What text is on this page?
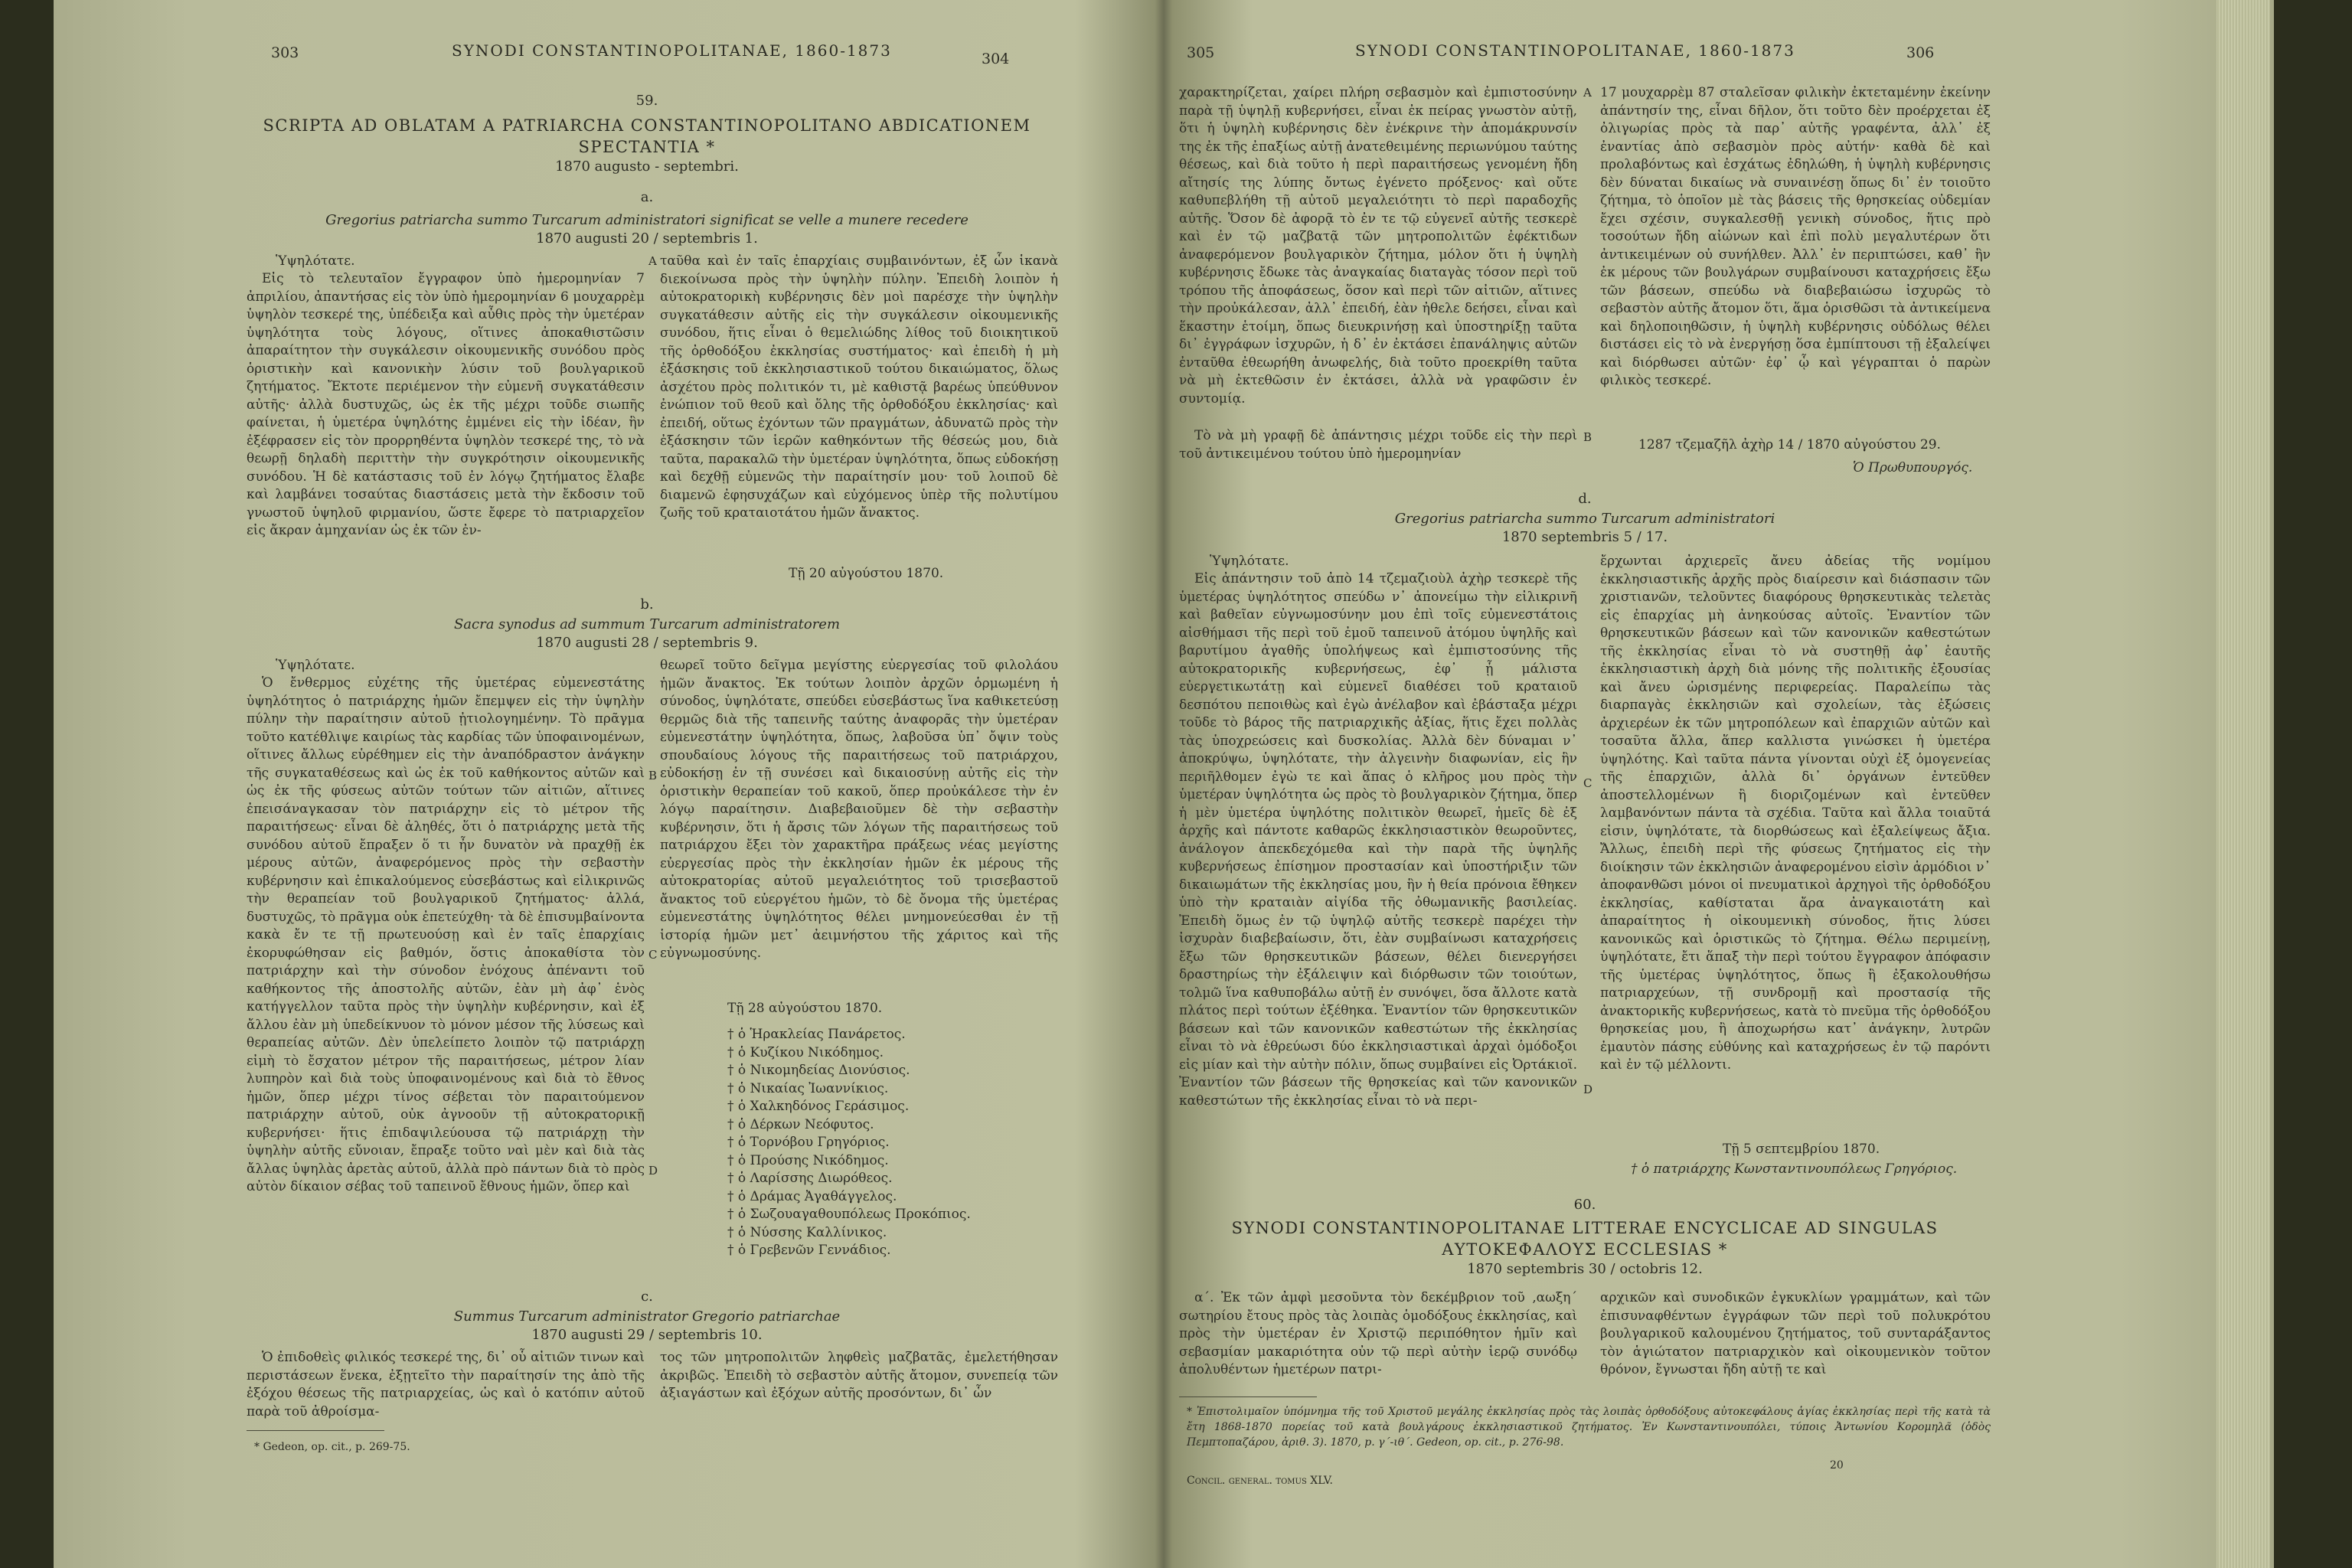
303	SYNODI CONSTANTINOPOLITANAE, 1860-1873	304
59.
SCRIPTA AD OBLATAM A PATRIARCHA CONSTANTINOPOLITANO ABDICATIONEM
SPECTANTIA *
1870 augusto - septembri.
a.
Gregorius patriarcha summo Turcarum administratori significat se velle a munere recedere
1870 augusti 20 / septembris 1.
Ὑψηλότατε.
Εἰς τὸ τελευταῖον ἔγγραφον ὑπὸ ἡμερομηνίαν 7 ἀπριλίου, ἀπαντήσας εἰς τὸν ὑπὸ ἡμερομηνίαν 6 μουχαρρὲμ ὑψηλὸν τεσκερέ της, ὑπέδειξα καὶ αὖθις πρὸς τὴν ὑμετέραν ὑψηλότητα τοὺς λόγους, οἵτινες ἀποκαθιστῶσιν ἀπαραίτητον τὴν συγκάλεσιν οἰκουμενικῆς συνόδου πρὸς ὁριστικὴν καὶ κανονικὴν λύσιν τοῦ βουλγαρικοῦ ζητήματος. Ἔκτοτε περιέμενον τὴν εὐμενῆ συγκατάθεσιν αὐτῆς· ἀλλὰ δυστυχῶς, ὡς ἐκ τῆς μέχρι τοῦδε σιωπῆς φαίνεται, ἡ ὑμετέρα ὑψηλότης ἐμμένει εἰς τὴν ἰδέαν, ἣν ἐξέφρασεν εἰς τὸν προρρηθέντα ὑψηλὸν τεσκερέ της, τὸ νὰ θεωρῇ δηλαδὴ περιττὴν τὴν συγκρότησιν οἰκουμενικῆς συνόδου. Ἡ δὲ κατάστασις τοῦ ἐν λόγῳ ζητήματος ἔλαβε καὶ λαμβάνει τοσαύτας διαστάσεις μετὰ τὴν ἔκδοσιν τοῦ γνωστοῦ ὑψηλοῦ φιρμανίου, ὥστε ἔφερε τὸ πατριαρχεῖον εἰς ἄκραν ἀμηχανίαν ὡς ἐκ τῶν ἐν-
ταῦθα καὶ ἐν ταῖς ἐπαρχίαις συμβαινόντων, ἐξ ὧν ἱκανὰ διεκοίνωσα πρὸς τὴν ὑψηλὴν πύλην. Ἐπειδὴ λοιπὸν ἡ αὐτοκρατορικὴ κυβέρνησις δὲν μοὶ παρέσχε τὴν ὑψηλὴν συγκατάθεσιν αὐτῆς εἰς τὴν συγκάλεσιν οἰκουμενικῆς συνόδου, ἥτις εἶναι ὁ θεμελιώδης λίθος τοῦ διοικητικοῦ τῆς ὀρθοδόξου ἐκκλησίας συστήματος· καὶ ἐπειδὴ ἡ μὴ ἐξάσκησις τοῦ ἐκκλησιαστικοῦ τούτου δικαιώματος, ὅλως ἀσχέτου πρὸς πολιτικόν τι, μὲ καθιστᾷ βαρέως ὑπεύθυνον ἐνώπιον τοῦ θεοῦ καὶ ὅλης τῆς ὀρθοδόξου ἐκκλησίας· καὶ ἐπειδή, οὕτως ἐχόντων τῶν πραγμάτων, ἀδυνατῶ πρὸς τὴν ἐξάσκησιν τῶν ἱερῶν καθηκόντων τῆς θέσεώς μου, διὰ ταῦτα, παρακαλῶ τὴν ὑμετέραν ὑψηλότητα, ὅπως εὐδοκήσῃ καὶ δεχθῇ εὐμενῶς τὴν παραίτησίν μου· τοῦ λοιποῦ δὲ διαμενῶ ἐφησυχάζων καὶ εὐχόμενος ὑπὲρ τῆς πολυτίμου ζωῆς τοῦ κραταιοτάτου ἡμῶν ἄνακτος.
Τῇ 20 αὐγούστου 1870.
b.
Sacra synodus ad summum Turcarum administratorem
1870 augusti 28 / septembris 9.
Ὑψηλότατε.
Ὁ ἔνθερμος εὐχέτης τῆς ὑμετέρας εὐμενεστάτης ὑψηλότητος ὁ πατριάρχης ἡμῶν ἔπεμψεν εἰς τὴν ὑψηλὴν πύλην τὴν παραίτησιν αὐτοῦ ᾐτιολογημένην. Τὸ πρᾶγμα τοῦτο κατέθλιψε καιρίως τὰς καρδίας τῶν ὑποφαινομένων, οἵτινες ἄλλως εὑρέθημεν εἰς τὴν ἀναπόδραστον ἀνάγκην τῆς συγκαταθέσεως καὶ ὡς ἐκ τοῦ καθήκοντος αὐτῶν καὶ ὡς ἐκ τῆς φύσεως αὐτῶν τούτων τῶν αἰτιῶν, αἵτινες ἐπεισάναγκασαν τὸν πατριάρχην εἰς τὸ μέτρον τῆς παραιτήσεως· εἶναι δὲ ἀληθές, ὅτι ὁ πατριάρχης μετὰ τῆς συνόδου αὐτοῦ ἔπραξεν ὅ τι ἦν δυνατὸν νὰ πραχθῇ ἐκ μέρους αὐτῶν, ἀναφερόμενος πρὸς τὴν σεβαστὴν κυβέρνησιν καὶ ἐπικαλούμενος εὐσεβάστως καὶ εἰλικρινῶς τὴν θεραπείαν τοῦ βουλγαρικοῦ ζητήματος· ἀλλά, δυστυχῶς, τὸ πρᾶγμα οὐκ ἐπετεύχθη· τὰ δὲ ἐπισυμβαίνοντα κακὰ ἔν τε τῇ πρωτευούσῃ καὶ ἐν ταῖς ἐπαρχίαις ἐκορυφώθησαν εἰς βαθμόν, ὅστις ἀποκαθίστα τὸν πατριάρχην καὶ τὴν σύνοδον ἐνόχους ἀπέναντι τοῦ καθήκοντος τῆς ἀποστολῆς αὐτῶν, ἐὰν μὴ ἀφ᾽ ἑνὸς κατήγγελλον ταῦτα πρὸς τὴν ὑψηλὴν κυβέρνησιν, καὶ ἐξ ἄλλου ἐὰν μὴ ὑπεδείκνυον τὸ μόνον μέσον τῆς λύσεως καὶ θεραπείας αὐτῶν. Δὲν ὑπελείπετο λοιπὸν τῷ πατριάρχῃ εἰμὴ τὸ ἔσχατον μέτρον τῆς παραιτήσεως, μέτρον λίαν λυπηρὸν καὶ διὰ τοὺς ὑποφαινομένους καὶ διὰ τὸ ἔθνος ἡμῶν, ὅπερ μέχρι τίνος σέβεται τὸν παραιτούμενον πατριάρχην αὐτοῦ, οὐκ ἀγνοοῦν τῇ αὐτοκρατορικῇ κυβερνήσει· ἥτις ἐπιδαψιλεύουσα τῷ πατριάρχῃ τὴν ὑψηλὴν αὐτῆς εὔνοιαν, ἔπραξε τοῦτο ναὶ μὲν καὶ διὰ τὰς ἄλλας ὑψηλὰς ἀρετὰς αὐτοῦ, ἀλλὰ πρὸ πάντων διὰ τὸ πρὸς αὐτὸν δίκαιον σέβας τοῦ ταπεινοῦ ἔθνους ἡμῶν, ὅπερ καὶ
θεωρεῖ τοῦτο δεῖγμα μεγίστης εὐεργεσίας τοῦ φιλολάου ἡμῶν ἄνακτος. Ἐκ τούτων λοιπὸν ἀρχῶν ὁρμωμένη ἡ σύνοδος, ὑψηλότατε, σπεύδει εὐσεβάστως ἵνα καθικετεύσῃ θερμῶς διὰ τῆς ταπεινῆς ταύτης ἀναφορᾶς τὴν ὑμετέραν εὐμενεστάτην ὑψηλότητα, ὅπως, λαβοῦσα ὑπ᾽ ὄψιν τοὺς σπουδαίους λόγους τῆς παραιτήσεως τοῦ πατριάρχου, εὐδοκήσῃ ἐν τῇ συνέσει καὶ δικαιοσύνῃ αὐτῆς εἰς τὴν ὁριστικὴν θεραπείαν τοῦ κακοῦ, ὅπερ προὐκάλεσε τὴν ἐν λόγῳ παραίτησιν. Διαβεβαιοῦμεν δὲ τὴν σεβαστὴν κυβέρνησιν, ὅτι ἡ ἄρσις τῶν λόγων τῆς παραιτήσεως τοῦ πατριάρχου ἔξει τὸν χαρακτῆρα πράξεως νέας μεγίστης εὐεργεσίας πρὸς τὴν ἐκκλησίαν ἡμῶν ἐκ μέρους τῆς αὐτοκρατορίας αὐτοῦ μεγαλειότητος τοῦ τρισεβαστοῦ ἄνακτος τοῦ εὐεργέτου ἡμῶν, τὸ δὲ ὄνομα τῆς ὑμετέρας εὐμενεστάτης ὑψηλότητος θέλει μνημονεύεσθαι ἐν τῇ ἱστορίᾳ ἡμῶν μετ᾽ ἀειμνήστου τῆς χάριτος καὶ τῆς εὐγνωμοσύνης.
Τῇ 28 αὐγούστου 1870.
† ὁ Ἡρακλείας Πανάρετος.
† ὁ Κυζίκου Νικόδημος.
† ὁ Νικομηδείας Διονύσιος.
† ὁ Νικαίας Ἰωαννίκιος.
† ὁ Χαλκηδόνος Γεράσιμος.
† ὁ Δέρκων Νεόφυτος.
† ὁ Τορνόβου Γρηγόριος.
† ὁ Προύσης Νικόδημος.
† ὁ Λαρίσσης Διωρόθεος.
† ὁ Δράμας Ἀγαθάγγελος.
† ὁ Σωζουαγαθουπόλεως Προκόπιος.
† ὁ Νύσσης Καλλίνικος.
† ὁ Γρεβενῶν Γεννάδιος.
c.
Summus Turcarum administrator Gregorio patriarchae
1870 augusti 29 / septembris 10.
Ὁ ἐπιδοθεὶς φιλικός τεσκερέ της, δι᾽ οὗ αἰτιῶν τινων καὶ περιστάσεων ἕνεκα, ἐξῃτεῖτο τὴν παραίτησίν της ἀπὸ τῆς ἐξόχου θέσεως τῆς πατριαρχείας, ὡς καὶ ὁ κατόπιν αὐτοῦ παρὰ τοῦ ἀθροίσμα-
τος τῶν μητροπολιτῶν ληφθεὶς μαζβατᾶς, ἐμελετήθησαν ἀκριβῶς. Ἐπειδὴ τὸ σεβαστὸν αὐτῆς ἄτομον, συνεπείᾳ τῶν ἀξιαγάστων καὶ ἐξόχων αὐτῆς προσόντων, δι᾽ ὧν
* Gedeon, op. cit., p. 269-75.
A
B
C
D
305	SYNODI CONSTANTINOPOLITANAE, 1860-1873	306
χαρακτηρίζεται, χαίρει πλήρη σεβασμὸν καὶ ἐμπιστοσύνην παρὰ τῇ ὑψηλῇ κυβερνήσει, εἶναι ἐκ πείρας γνωστὸν αὐτῇ, ὅτι ἡ ὑψηλὴ κυβέρνησις δὲν ἐνέκρινε τὴν ἀπομάκρυνσίν της ἐκ τῆς ἐπαξίως αὐτῇ ἀνατεθειμένης περιωνύμου ταύτης θέσεως, καὶ διὰ τοῦτο ἡ περὶ παραιτήσεως γενομένη ἤδη αἴτησίς της λύπης ὄντως ἐγένετο πρόξενος· καὶ οὔτε καθυπεβλήθη τῇ αὐτοῦ μεγαλειότητι τὸ περὶ παραδοχῆς αὐτῆς. Ὅσον δὲ ἀφορᾷ τὸ ἐν τε τῷ εὐγενεῖ αὐτῆς τεσκερὲ καὶ ἐν τῷ μαζβατᾷ τῶν μητροπολιτῶν ἐφέκτιδων ἀναφερόμενον βουλγαρικὸν ζήτημα, μόλον ὅτι ἡ ὑψηλὴ κυβέρνησις ἔδωκε τὰς ἀναγκαίας διαταγὰς τόσον περὶ τοῦ τρόπου τῆς ἀποφάσεως, ὅσον καὶ περὶ τῶν αἰτιῶν, αἵτινες τὴν προὐκάλεσαν, ἀλλ᾽ ἐπειδή, ἐὰν ἠθελε δεήσει, εἶναι καὶ ἕκαστην ἑτοίμη, ὅπως διευκρινήσῃ καὶ ὑποστηρίξῃ ταῦτα δι᾽ ἐγγράφων ἰσχυρῶν, ἡ δ᾽ ἐν ἐκτάσει ἐπανάληψις αὐτῶν ἐνταῦθα ἐθεωρήθη ἀνωφελής, διὰ τοῦτο προεκρίθη ταῦτα νὰ μὴ ἐκτεθῶσιν ἐν ἐκτάσει, ἀλλὰ νὰ γραφῶσιν ἐν συντομίᾳ.
Τὸ νὰ μὴ γραφῇ δὲ ἀπάντησις μέχρι τοῦδε εἰς τὴν περὶ τοῦ ἀντικειμένου τούτου ὑπὸ ἡμερομηνίαν
17 μουχαρρὲμ 87 σταλεῖσαν φιλικὴν ἐκτεταμένην ἐκείνην ἀπάντησίν της, εἶναι δῆλον, ὅτι τοῦτο δὲν προέρχεται ἐξ ὀλιγωρίας πρὸς τὰ παρ᾽ αὐτῆς γραφέντα, ἀλλ᾽ ἐξ ἐναντίας ἀπὸ σεβασμὸν πρὸς αὐτήν· καθὰ δὲ καὶ προλαβόντως καὶ ἐσχάτως ἐδηλώθη, ἡ ὑψηλὴ κυβέρνησις δὲν δύναται δικαίως νὰ συναινέσῃ ὅπως δι᾽ ἐν τοιοῦτο ζήτημα, τὸ ὁποῖον μὲ τὰς βάσεις τῆς θρησκείας οὐδεμίαν ἔχει σχέσιν, συγκαλεσθῇ γενικὴ σύνοδος, ἥτις πρὸ τοσούτων ἤδη αἰώνων καὶ ἐπὶ πολὺ μεγαλυτέρων ὅτι ἀντικειμένων οὐ συνήλθεν. Ἀλλ᾽ ἐν περιπτώσει, καθ᾽ ἣν ἐκ μέρους τῶν βουλγάρων συμβαίνουσι καταχρήσεις ἔξω τῶν βάσεων, σπεύδω νὰ διαβεβαιώσω ἰσχυρῶς τὸ σεβαστὸν αὐτῆς ἄτομον ὅτι, ἅμα ὁρισθῶσι τὰ ἀντικείμενα καὶ δηλοποιηθῶσιν, ἡ ὑψηλὴ κυβέρνησις οὐδόλως θέλει διστάσει εἰς τὸ νὰ ἐνεργήσῃ ὅσα ἐμπίπτουσι τῇ ἐξαλείψει καὶ διόρθωσει αὐτῶν· ἐφ᾽ ᾧ καὶ γέγραπται ὁ παρὼν φιλικὸς τεσκερέ.
1287 τζεμαζῆλ ἀχὴρ 14 / 1870 αὐγούστου 29.
Ὁ Πρωθυπουργός.
d.
Gregorius patriarcha summo Turcarum administratori
1870 septembris 5 / 17.
Ὑψηλότατε.
Εἰς ἀπάντησιν τοῦ ἀπὸ 14 τζεμαζιοὺλ ἀχὴρ τεσκερὲ τῆς ὑμετέρας ὑψηλότητος σπεύδω ν᾽ ἀπονείμω τὴν εἰλικρινῆ καὶ βαθεῖαν εὐγνωμοσύνην μου ἐπὶ τοῖς εὐμενεστάτοις αἰσθήμασι τῆς περὶ τοῦ ἐμοῦ ταπεινοῦ ἀτόμου ὑψηλῆς καὶ βαρυτίμου ἀγαθῆς ὑπολήψεως καὶ ἐμπιστοσύνης τῆς αὐτοκρατορικῆς κυβερνήσεως, ἐφ᾽ ᾗ μάλιστα εὐεργετικωτάτῃ καὶ εὐμενεῖ διαθέσει τοῦ κραταιοῦ δεσπότου πεποιθὼς καὶ ἐγὼ ἀνέλαβον καὶ ἐβάσταξα μέχρι τοῦδε τὸ βάρος τῆς πατριαρχικῆς ἀξίας, ἥτις ἔχει πολλὰς τὰς ὑποχρεώσεις καὶ δυσκολίας. Ἀλλὰ δὲν δύναμαι ν᾽ ἀποκρύψω, ὑψηλότατε, τὴν ἀλγεινὴν διαφωνίαν, εἰς ἣν περιῆλθομεν ἐγὼ τε καὶ ἅπας ὁ κλῆρος μου πρὸς τὴν ὑμετέραν ὑψηλότητα ὡς πρὸς τὸ βουλγαρικὸν ζήτημα, ὅπερ ἡ μὲν ὑμετέρα ὑψηλότης πολιτικὸν θεωρεῖ, ἡμεῖς δὲ ἐξ ἀρχῆς καὶ πάντοτε καθαρῶς ἐκκλησιαστικὸν θεωροῦντες, ἀνάλογον ἀπεκδεχόμεθα καὶ τὴν παρὰ τῆς ὑψηλῆς κυβερνήσεως ἐπίσημον προστασίαν καὶ ὑποστήριξιν τῶν δικαιωμάτων τῆς ἐκκλησίας μου, ἣν ἡ θεία πρόνοια ἔθηκεν ὑπὸ τὴν κραταιὰν αἰγίδα τῆς ὀθωμανικῆς βασιλείας. Ἐπειδὴ ὅμως ἐν τῷ ὑψηλῷ αὐτῆς τεσκερὲ παρέχει τὴν ἰσχυρὰν διαβεβαίωσιν, ὅτι, ἐὰν συμβαίνωσι καταχρήσεις ἔξω τῶν θρησκευτικῶν βάσεων, θέλει διενεργήσει δραστηρίως τὴν ἐξάλειψιν καὶ διόρθωσιν τῶν τοιούτων, τολμῶ ἵνα καθυποβάλω αὐτῇ ἐν συνόψει, ὅσα ἄλλοτε κατὰ πλάτος περὶ τούτων ἐξέθηκα. Ἐναντίον τῶν θρησκευτικῶν βάσεων καὶ τῶν κανονικῶν καθεστώτων τῆς ἐκκλησίας εἶναι τὸ νὰ ἐθρεύωσι δύο ἐκκλησιαστικαὶ ἀρχαὶ ὁμόδοξοι εἰς μίαν καὶ τὴν αὐτὴν πόλιν, ὅπως συμβαίνει εἰς Ὀρτάκιοϊ. Ἐναντίον τῶν βάσεων τῆς θρησκείας καὶ τῶν κανονικῶν καθεστώτων τῆς ἐκκλησίας εἶναι τὸ νὰ περι-
ἔρχωνται ἀρχιερεῖς ἄνευ ἀδείας τῆς νομίμου ἐκκλησιαστικῆς ἀρχῆς πρὸς διαίρεσιν καὶ διάσπασιν τῶν χριστιανῶν, τελοῦντες διαφόρους θρησκευτικὰς τελετὰς εἰς ἐπαρχίας μὴ ἀνηκούσας αὐτοῖς. Ἐναντίον τῶν θρησκευτικῶν βάσεων καὶ τῶν κανονικῶν καθεστώτων τῆς ἐκκλησίας εἶναι τὸ νὰ συστηθῇ ἀφ᾽ ἑαυτῆς ἐκκλησιαστικὴ ἀρχὴ διὰ μόνης τῆς πολιτικῆς ἐξουσίας καὶ ἄνευ ὡρισμένης περιφερείας. Παραλείπω τὰς διαρπαγὰς ἐκκλησιῶν καὶ σχολείων, τὰς ἐξώσεις ἀρχιερέων ἐκ τῶν μητροπόλεων καὶ ἐπαρχιῶν αὐτῶν καὶ τοσαῦτα ἄλλα, ἅπερ καλλιστα γινώσκει ἡ ὑμετέρα ὑψηλότης. Καὶ ταῦτα πάντα γίνονται οὐχὶ ἐξ ὁμογενείας τῆς ἐπαρχιῶν, ἀλλὰ δι᾽ ὀργάνων ἐντεῦθεν ἀποστελλομένων ἢ διοριζομένων καὶ ἐντεῦθεν λαμβανόντων πάντα τὰ σχέδια. Ταῦτα καὶ ἄλλα τοιαῦτά εἰσιν, ὑψηλότατε, τὰ διορθώσεως καὶ ἐξαλείψεως ἄξια. Ἄλλως, ἐπειδὴ περὶ τῆς φύσεως ζητήματος εἰς τὴν διοίκησιν τῶν ἐκκλησιῶν ἀναφερομένου εἰσὶν ἁρμόδιοι ν᾽ ἀποφανθῶσι μόνοι οἱ πνευματικοὶ ἀρχηγοὶ τῆς ὀρθοδόξου ἐκκλησίας, καθίσταται ἄρα ἀναγκαιοτάτη καὶ ἀπαραίτητος ἡ οἰκουμενικὴ σύνοδος, ἥτις λύσει κανονικῶς καὶ ὁριστικῶς τὸ ζήτημα. Θέλω περιμείνῃ, ὑψηλότατε, ἔτι ἅπαξ τὴν περὶ τούτου ἔγγραφον ἀπόφασιν τῆς ὑμετέρας ὑψηλότητος, ὅπως ἢ ἐξακολουθήσω πατριαρχεύων, τῇ συνδρομῇ καὶ προστασίᾳ τῆς ἀνακτορικῆς κυβερνήσεως, κατὰ τὸ πνεῦμα τῆς ὀρθοδόξου θρησκείας μου, ἢ ἀποχωρήσω κατ᾽ ἀνάγκην, λυτρῶν ἐμαυτὸν πάσης εὐθύνης καὶ καταχρήσεως ἐν τῷ παρόντι καὶ ἐν τῷ μέλλοντι.
Τῇ 5 σεπτεμβρίου 1870.
† ὁ πατριάρχης Κωνσταντινουπόλεως Γρηγόριος.
60.
SYNODI CONSTANTINOPOLITANAE LITTERAE ENCYCLICAE AD SINGULAS
ΑΥΤΟΚΕΦΑΛΟΥΣ ECCLESIAS *
1870 septembris 30 / octobris 12.
α΄. Ἐκ τῶν ἀμφὶ μεσοῦντα τὸν δεκέμβριον τοῦ ‚αωξη΄ σωτηρίου ἔτους πρὸς τὰς λοιπὰς ὁμοδόξους ἐκκλησίας, καὶ πρὸς τὴν ὑμετέραν ἐν Χριστῷ περιπόθητον ἡμῖν καὶ σεβασμίαν μακαριότητα οὐν τῷ περὶ αὐτὴν ἱερῷ συνόδῳ ἀπολυθέντων ἡμετέρων πατρι-
αρχικῶν καὶ συνοδικῶν ἐγκυκλίων γραμμάτων, καὶ τῶν ἐπισυναφθέντων ἐγγράφων τῶν περὶ τοῦ πολυκρότου βουλγαρικοῦ καλουμένου ζητήματος, τοῦ συνταράξαντος τὸν ἁγιώτατον πατριαρχικὸν καὶ οἰκουμενικὸν τοῦτον θρόνον, ἔγνωσται ἤδη αὐτῇ τε καὶ
* Ἐπιστολιμαῖον ὑπόμνημα τῆς τοῦ Χριστοῦ μεγάλης ἐκκλησίας πρὸς τὰς λοιπὰς ὀρθοδόξους αὐτοκεφάλους ἁγίας ἐκκλησίας περὶ τῆς κατὰ τὰ ἔτη 1868-1870 πορείας τοῦ κατὰ βουλγάρους ἐκκλησιαστικοῦ ζητήματος. Ἐν Κωνσταντινουπόλει, τύποις Ἀντωνίου Κορομηλᾶ (ὁδὸς Πεμπτοπαζάρου, ἀριθ. 3). 1870, p. γ΄-ιθ΄. Gedeon, op. cit., p. 276-98.
Concil. general. tomus XLV.
20
A
B
C
D
